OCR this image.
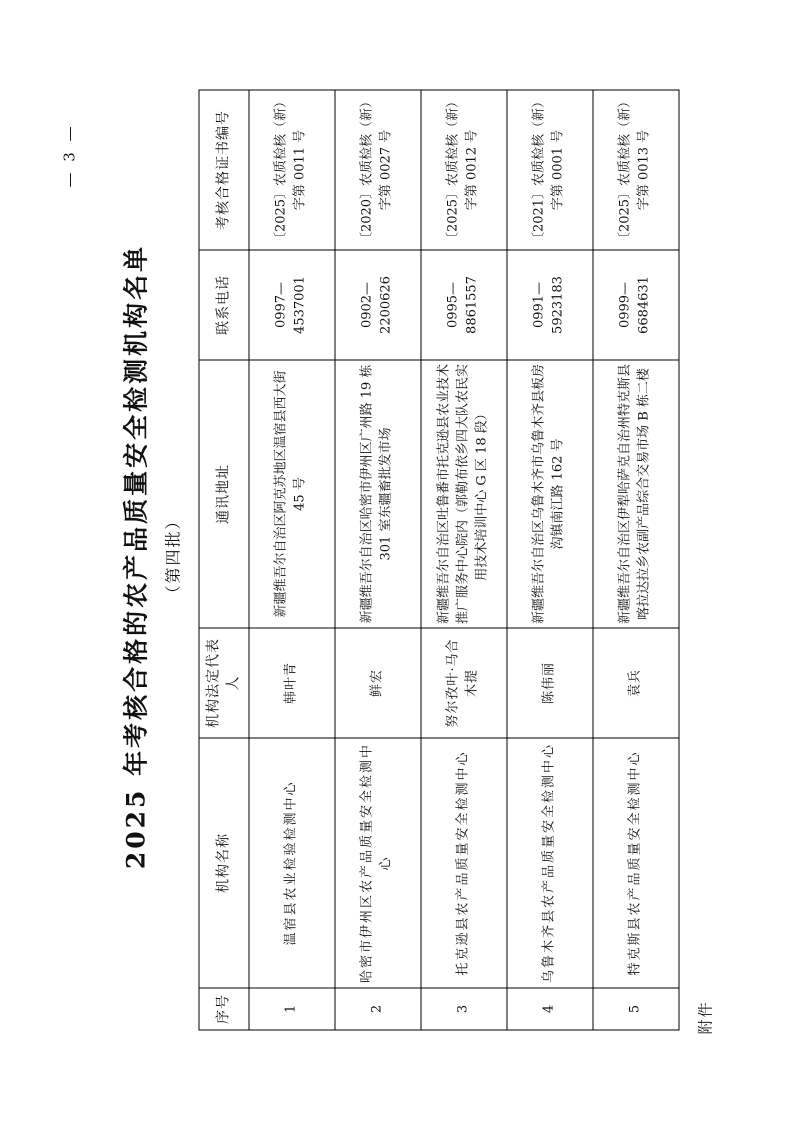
— 3 —
附件
2025 年考核合格的农产品质量安全检测机构名单 （第四批）
序号	机构名称	机构法定代表人	通讯地址	联系电话	考核合格证书编号
1	温宿县农业检验检测中心	韩叶青	新疆维吾尔自治区阿克苏地区温宿县西大街 45 号	0997—4537001	〔2025〕农质检核（新）字第 0011 号
2	哈密市伊州区农产品质量安全检测中心	鲜宏	新疆维吾尔自治区哈密市伊州区广州路 19 栋 301 室东疆畜批发市场	0902—2200626	〔2020〕农质检核（新）字第 0027 号
3	托克逊县农产品质量安全检测中心	努尔孜叶·马合木提	新疆维吾尔自治区吐鲁番市托克逊县农业技术推广服务中心院内（郭勒布依乡四大队农民实用技术培训中心 G 区 18 段）	0995—8861557	〔2025〕农质检核（新）字第 0012 号
4	乌鲁木齐县农产品质量安全检测中心	陈伟丽	新疆维吾尔自治区乌鲁木齐市乌鲁木齐县板房沟镇南江路 162 号	0991—5923183	〔2021〕农质检核（新）字第 0001 号
5	特克斯县农产品质量安全检测中心	袁兵	新疆维吾尔自治区伊犁哈萨克自治州特克斯县喀拉达拉乡农副产品综合交易市场 B 栋二楼	0999—6684631	〔2025〕农质检核（新）字第 0013 号
